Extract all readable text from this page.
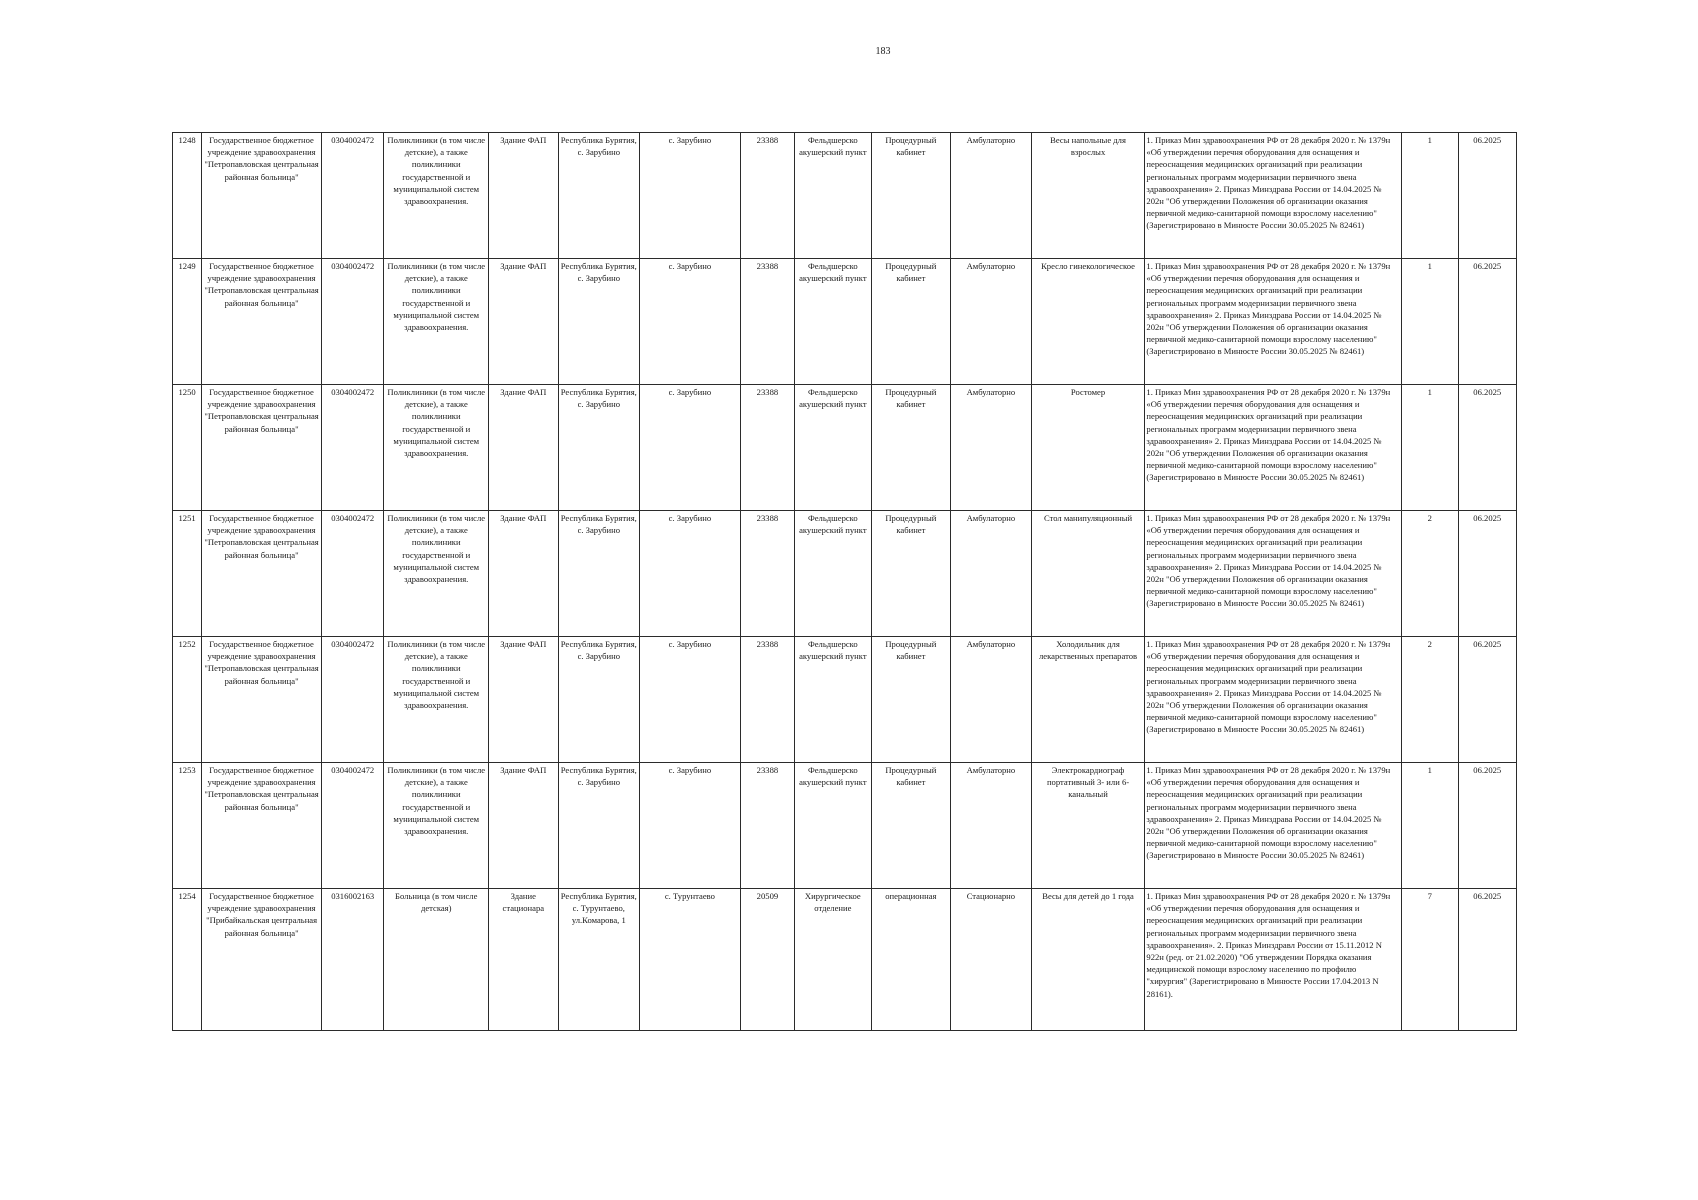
183
1248	Государственное бюджетное учреждение здравоохранения "Петропавловская центральная районная больница"	0304002472	Поликлиники (в том числе детские), а также поликлиники государственной и муниципальной систем здравоохранения.	Здание ФАП	Республика Бурятия, с. Зарубино	с. Зарубино	23388	Фельдшерско акушерский пункт	Процедурный кабинет	Амбулаторно	Весы напольные для взрослых	1. Приказ Мин здравоохранения РФ от 28 декабря 2020 г. № 1379н «Об утверждении перечня оборудования для оснащения и переоснащения медицинских организаций при реализации региональных программ модернизации первичного звена здравоохранения» 2. Приказ Минздрава России от 14.04.2025 № 202н "Об утверждении Положения об организации оказания первичной медико-санитарной помощи взрослому населению" (Зарегистрировано в Минюсте России 30.05.2025 № 82461)	1	06.2025
1249	Государственное бюджетное учреждение здравоохранения "Петропавловская центральная районная больница"	0304002472	Поликлиники (в том числе детские), а также поликлиники государственной и муниципальной систем здравоохранения.	Здание ФАП	Республика Бурятия, с. Зарубино	с. Зарубино	23388	Фельдшерско акушерский пункт	Процедурный кабинет	Амбулаторно	Кресло гинекологическое	1. Приказ Мин здравоохранения РФ от 28 декабря 2020 г. № 1379н «Об утверждении перечня оборудования для оснащения и переоснащения медицинских организаций при реализации региональных программ модернизации первичного звена здравоохранения» 2. Приказ Минздрава России от 14.04.2025 № 202н "Об утверждении Положения об организации оказания первичной медико-санитарной помощи взрослому населению" (Зарегистрировано в Минюсте России 30.05.2025 № 82461)	1	06.2025
1250	Государственное бюджетное учреждение здравоохранения "Петропавловская центральная районная больница"	0304002472	Поликлиники (в том числе детские), а также поликлиники государственной и муниципальной систем здравоохранения.	Здание ФАП	Республика Бурятия, с. Зарубино	с. Зарубино	23388	Фельдшерско акушерский пункт	Процедурный кабинет	Амбулаторно	Ростомер	1. Приказ Мин здравоохранения РФ от 28 декабря 2020 г. № 1379н «Об утверждении перечня оборудования для оснащения и переоснащения медицинских организаций при реализации региональных программ модернизации первичного звена здравоохранения» 2. Приказ Минздрава России от 14.04.2025 № 202н "Об утверждении Положения об организации оказания первичной медико-санитарной помощи взрослому населению" (Зарегистрировано в Минюсте России 30.05.2025 № 82461)	1	06.2025
1251	Государственное бюджетное учреждение здравоохранения "Петропавловская центральная районная больница"	0304002472	Поликлиники (в том числе детские), а также поликлиники государственной и муниципальной систем здравоохранения.	Здание ФАП	Республика Бурятия, с. Зарубино	с. Зарубино	23388	Фельдшерско акушерский пункт	Процедурный кабинет	Амбулаторно	Стол манипуляционный	1. Приказ Мин здравоохранения РФ от 28 декабря 2020 г. № 1379н «Об утверждении перечня оборудования для оснащения и переоснащения медицинских организаций при реализации региональных программ модернизации первичного звена здравоохранения» 2. Приказ Минздрава России от 14.04.2025 № 202н "Об утверждении Положения об организации оказания первичной медико-санитарной помощи взрослому населению" (Зарегистрировано в Минюсте России 30.05.2025 № 82461)	2	06.2025
1252	Государственное бюджетное учреждение здравоохранения "Петропавловская центральная районная больница"	0304002472	Поликлиники (в том числе детские), а также поликлиники государственной и муниципальной систем здравоохранения.	Здание ФАП	Республика Бурятия, с. Зарубино	с. Зарубино	23388	Фельдшерско акушерский пункт	Процедурный кабинет	Амбулаторно	Холодильник для лекарственных препаратов	1. Приказ Мин здравоохранения РФ от 28 декабря 2020 г. № 1379н «Об утверждении перечня оборудования для оснащения и переоснащения медицинских организаций при реализации региональных программ модернизации первичного звена здравоохранения» 2. Приказ Минздрава России от 14.04.2025 № 202н "Об утверждении Положения об организации оказания первичной медико-санитарной помощи взрослому населению" (Зарегистрировано в Минюсте России 30.05.2025 № 82461)	2	06.2025
1253	Государственное бюджетное учреждение здравоохранения "Петропавловская центральная районная больница"	0304002472	Поликлиники (в том числе детские), а также поликлиники государственной и муниципальной систем здравоохранения.	Здание ФАП	Республика Бурятия, с. Зарубино	с. Зарубино	23388	Фельдшерско акушерский пункт	Процедурный кабинет	Амбулаторно	Электрокардиограф портативный 3- или 6-канальный	1. Приказ Мин здравоохранения РФ от 28 декабря 2020 г. № 1379н «Об утверждении перечня оборудования для оснащения и переоснащения медицинских организаций при реализации региональных программ модернизации первичного звена здравоохранения» 2. Приказ Минздрава России от 14.04.2025 № 202н "Об утверждении Положения об организации оказания первичной медико-санитарной помощи взрослому населению" (Зарегистрировано в Минюсте России 30.05.2025 № 82461)	1	06.2025
1254	Государственное бюджетное учреждение здравоохранения "Прибайкальская центральная районная больница"	0316002163	Больница (в том числе детская)	Здание стационара	Республика Бурятия, с. Турунтаево, ул.Комарова, 1	с. Турунтаево	20509	Хирургическое отделение	операционная	Стационарно	Весы для детей до 1 года	1. Приказ Мин здравоохранения РФ от 28 декабря 2020 г. № 1379н «Об утверждении перечня оборудования для оснащения и переоснащения медицинских организаций при реализации региональных программ модернизации первичного звена здравоохранения». 2. Приказ Минздравл России от 15.11.2012 N 922н (ред. от 21.02.2020) "Об утверждении Порядка оказания медицинской помощи взрослому населению по профилю "хирургия" (Зарегистрировано в Минюсте России 17.04.2013 N 28161).	7	06.2025
